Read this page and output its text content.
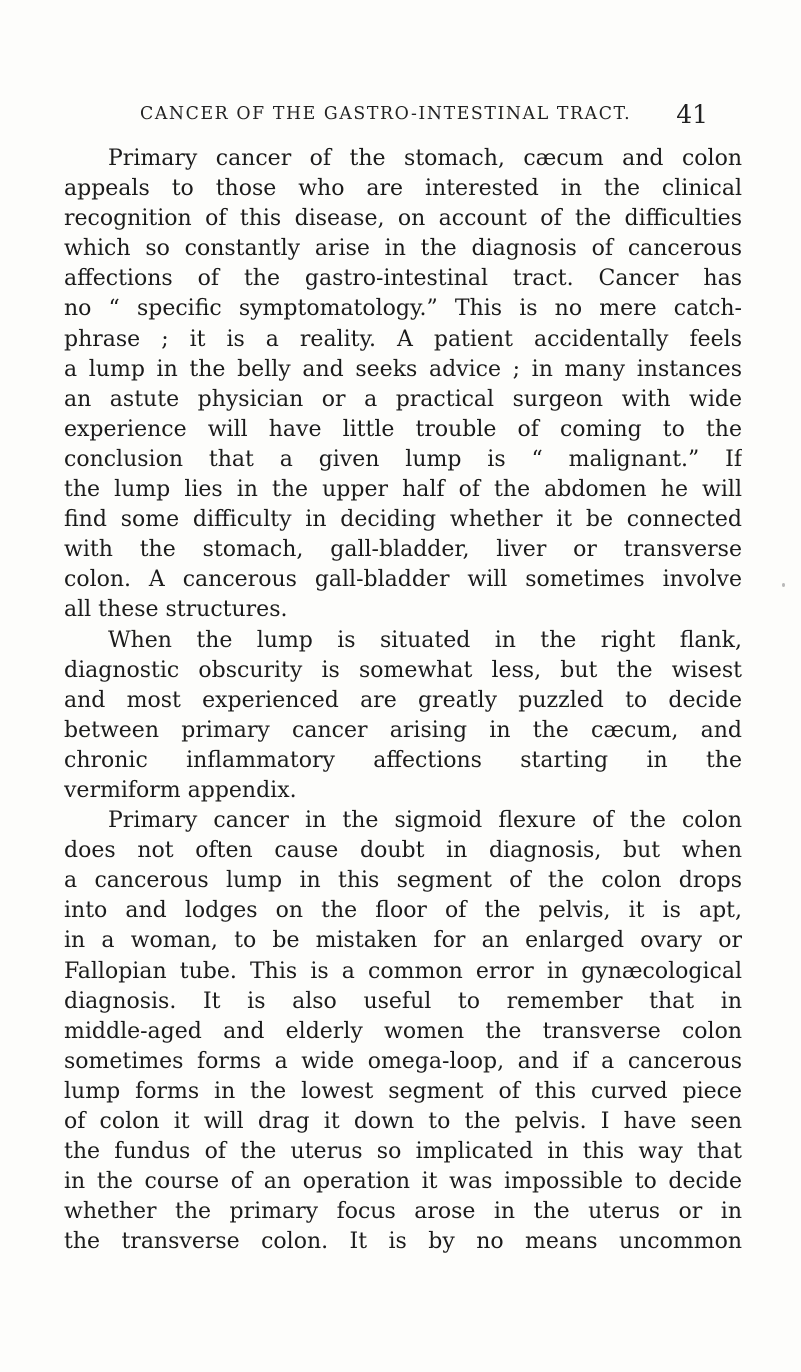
CANCER OF THE GASTRO-INTESTINAL TRACT. 41
Primary cancer of the stomach, cæcum and colon
appeals to those who are interested in the clinical
recognition of this disease, on account of the difficulties
which so constantly arise in the diagnosis of cancerous
affections of the gastro-intestinal tract. Cancer has
no “ specific symptomatology.” This is no mere catch-
phrase ; it is a reality. A patient accidentally feels
a lump in the belly and seeks advice ; in many instances
an astute physician or a practical surgeon with wide
experience will have little trouble of coming to the
conclusion that a given lump is “ malignant.” If
the lump lies in the upper half of the abdomen he will
find some difficulty in deciding whether it be connected
with the stomach, gall-bladder, liver or transverse
colon. A cancerous gall-bladder will sometimes involve
all these structures.
When the lump is situated in the right flank,
diagnostic obscurity is somewhat less, but the wisest
and most experienced are greatly puzzled to decide
between primary cancer arising in the cæcum, and
chronic inflammatory affections starting in the
vermiform appendix.
Primary cancer in the sigmoid flexure of the colon
does not often cause doubt in diagnosis, but when
a cancerous lump in this segment of the colon drops
into and lodges on the floor of the pelvis, it is apt,
in a woman, to be mistaken for an enlarged ovary or
Fallopian tube. This is a common error in gynæcological
diagnosis. It is also useful to remember that in
middle-aged and elderly women the transverse colon
sometimes forms a wide omega-loop, and if a cancerous
lump forms in the lowest segment of this curved piece
of colon it will drag it down to the pelvis. I have seen
the fundus of the uterus so implicated in this way that
in the course of an operation it was impossible to decide
whether the primary focus arose in the uterus or in
the transverse colon. It is by no means uncommon
